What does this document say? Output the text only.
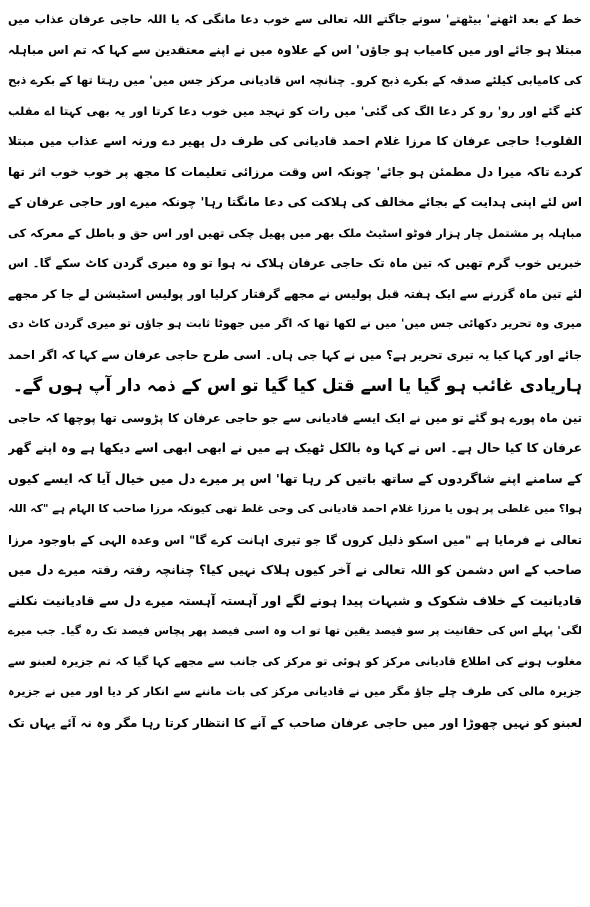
خط کے بعد اٹھتے' بیٹھتے' سوتے جاگتے اللہ تعالی سے خوب دعا مانگی کہ یا اللہ حاجی عرفان عذاب میں
مبتلا ہو جائے اور میں کامیاب ہو جاؤں' اس کے علاوہ میں نے اپنے معتقدین سے کہا کہ تم اس مباہلہ
کی کامیابی کیلئے صدقہ کے بکرے ذبح کرو۔ چنانچہ اس قادیانی مرکز جس میں' میں رہتا تھا کے بکرے ذبح
کئے گئے اور رو' رو کر دعا الگ کی گئی' میں رات کو تہجد میں خوب دعا کرتا اور یہ بھی کہتا اے مقلب
القلوب! حاجی عرفان کا مرزا غلام احمد قادیانی کی طرف دل پھیر دے ورنہ اسے عذاب میں مبتلا
کردے تاکہ میرا دل مطمئن ہو جائے' چونکہ اس وقت مرزائی تعلیمات کا مجھ پر خوب خوب اثر تھا
اس لئے اپنی ہدایت کے بجائے مخالف کی ہلاکت کی دعا مانگتا رہا' چونکہ میرے اور حاجی عرفان کے
مباہلہ پر مشتمل چار ہزار فوٹو اسٹیٹ ملک بھر میں پھیل چکی تھیں اور اس حق و باطل کے معرکہ کی
خبریں خوب گرم تھیں کہ تین ماہ تک حاجی عرفان ہلاک نہ ہوا تو وہ میری گردن کاٹ سکے گا۔ اس
لئے تین ماہ گزرنے سے ایک ہفتہ قبل پولیس نے مجھے گرفتار کرلیا اور پولیس اسٹیشن لے جا کر مجھے
میری وہ تحریر دکھائی جس میں' میں نے لکھا تھا کہ اگر میں جھوٹا ثابت ہو جاؤں تو میری گردن کاٹ دی
جائے اور کہا کیا یہ تیری تحریر ہے؟ میں نے کہا جی ہاں۔ اسی طرح حاجی عرفان سے کہا کہ اگر احمد
ہاریادی غائب ہو گیا یا اسے قتل کیا گیا تو اس کے ذمہ دار آپ ہوں گے۔
تین ماہ پورے ہو گئے تو میں نے ایک ایسے قادیانی سے جو حاجی عرفان کا پڑوسی تھا پوچھا کہ حاجی
عرفان کا کیا حال ہے۔ اس نے کہا وہ بالکل ٹھیک ہے میں نے ابھی ابھی اسے دیکھا ہے وہ اپنے گھر
کے سامنے اپنے شاگردوں کے ساتھ باتیں کر رہا تھا' اس پر میرے دل میں خیال آیا کہ ایسے کیوں
ہوا؟ میں غلطی پر ہوں یا مرزا غلام احمد قادیانی کی وحی غلط تھی کیونکہ مرزا صاحب کا الہام ہے "کہ اللہ
تعالی نے فرمایا ہے "میں اسکو ذلیل کروں گا جو تیری اہانت کرے گا" اس وعدہ الہی کے باوجود مرزا
صاحب کے اس دشمن کو اللہ تعالی نے آخر کیوں ہلاک نہیں کیا؟ چنانچہ رفتہ رفتہ میرے دل میں
قادیانیت کے خلاف شکوک و شبہات پیدا ہونے لگے اور آہستہ آہستہ میرے دل سے قادیانیت نکلنے
لگی' پہلے اس کی حقانیت پر سو فیصد یقین تھا تو اب وہ اسی فیصد پھر پچاس فیصد تک رہ گیا۔ جب میرے
مغلوب ہونے کی اطلاع قادیانی مرکز کو ہوئی تو مرکز کی جانب سے مجھے کہا گیا کہ تم جزیرہ لعبنو سے
جزیرہ مالی کی طرف چلے جاؤ مگر میں نے قادیانی مرکز کی بات ماننے سے انکار کر دیا اور میں نے جزیرہ
لعبنو کو نہیں چھوڑا اور میں حاجی عرفان صاحب کے آنے کا انتظار کرتا رہا مگر وہ نہ آئے یہاں تک
